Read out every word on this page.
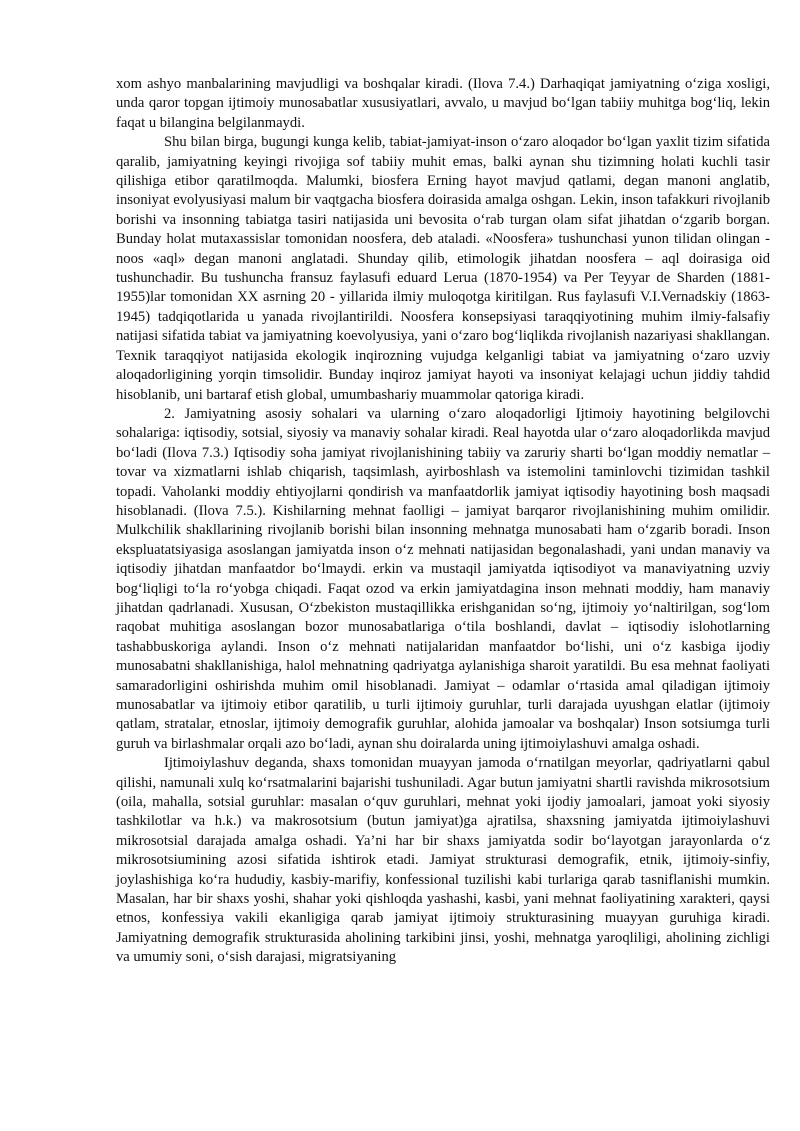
xom ashyo manbalarining mavjudligi va boshqalar kiradi. (Ilova 7.4.) Darhaqiqat jamiyatning o‘ziga xosligi, unda qaror topgan ijtimoiy munosabatlar xususiyatlari, avvalo, u mavjud bo‘lgan tabiiy muhitga bog‘liq, lekin faqat u bilangina belgilanmaydi.

Shu bilan birga, bugungi kunga kelib, tabiat-jamiyat-inson o‘zaro aloqador bo‘lgan yaxlit tizim sifatida qaralib, jamiyatning keyingi rivojiga sof tabiiy muhit emas, balki aynan shu tizimning holati kuchli tasir qilishiga etibor qaratilmoqda. Malumki, biosfera Erning hayot mavjud qatlami, degan manoni anglatib, insoniyat evolyusiyasi malum bir vaqtgacha biosfera doirasida amalga oshgan. Lekin, inson tafakkuri rivojlanib borishi va insonning tabiatga tasiri natijasida uni bevosita o‘rab turgan olam sifat jihatdan o‘zgarib borgan. Bunday holat mutaxassislar tomonidan noosfera, deb ataladi. «Noosfera» tushunchasi yunon tilidan olingan - noos «aql» degan manoni anglatadi. Shunday qilib, etimologik jihatdan noosfera – aql doirasiga oid tushunchadir. Bu tushuncha fransuz faylasufi eduard Lerua (1870-1954) va Per Teyyar de Sharden (1881-1955)lar tomonidan XX asrning 20 - yillarida ilmiy muloqotga kiritilgan. Rus faylasufi V.I.Vernadskiy (1863-1945) tadqiqotlarida u yanada rivojlantirildi. Noosfera konsepsiyasi taraqqiyotining muhim ilmiy-falsafiy natijasi sifatida tabiat va jamiyatning koevolyusiya, yani o‘zaro bog‘liqlikda rivojlanish nazariyasi shakllangan. Texnik taraqqiyot natijasida ekologik inqirozning vujudga kelganligi tabiat va jamiyatning o‘zaro uzviy aloqadorligining yorqin timsolidir. Bunday inqiroz jamiyat hayoti va insoniyat kelajagi uchun jiddiy tahdid hisoblanib, uni bartaraf etish global, umumbashariy muammolar qatoriga kiradi.

2. Jamiyatning asosiy sohalari va ularning o‘zaro aloqadorligi Ijtimoiy hayotining belgilovchi sohalariga: iqtisodiy, sotsial, siyosiy va manaviy sohalar kiradi. Real hayotda ular o‘zaro aloqadorlikda mavjud bo‘ladi (Ilova 7.3.) Iqtisodiy soha jamiyat rivojlanishining tabiiy va zaruriy sharti bo‘lgan moddiy nematlar – tovar va xizmatlarni ishlab chiqarish, taqsimlash, ayirboshlash va istemolini taminlovchi tizimidan tashkil topadi. Vaholanki moddiy ehtiyojlarni qondirish va manfaatdorlik jamiyat iqtisodiy hayotining bosh maqsadi hisoblanadi. (Ilova 7.5.). Kishilarning mehnat faolligi – jamiyat barqaror rivojlanishining muhim omilidir. Mulkchilik shakllarining rivojlanib borishi bilan insonning mehnatga munosabati ham o‘zgarib boradi. Inson ekspluatatsiyasiga asoslangan jamiyatda inson o‘z mehnati natijasidan begonalashadi, yani undan manaviy va iqtisodiy jihatdan manfaatdor bo‘lmaydi. erkin va mustaqil jamiyatda iqtisodiyot va manaviyatning uzviy bog‘liqligi to‘la ro‘yobga chiqadi. Faqat ozod va erkin jamiyatdagina inson mehnati moddiy, ham manaviy jihatdan qadrlanadi. Xususan, O‘zbekiston mustaqillikka erishganidan so‘ng, ijtimoiy yo‘naltirilgan, sog‘lom raqobat muhitiga asoslangan bozor munosabatlariga o‘tila boshlandi, davlat – iqtisodiy islohotlarning tashabbuskoriga aylandi. Inson o‘z mehnati natijalaridan manfaatdor bo‘lishi, uni o‘z kasbiga ijodiy munosabatni shakllanishiga, halol mehnatning qadriyatga aylanishiga sharoit yaratildi. Bu esa mehnat faoliyati samaradorligini oshirishda muhim omil hisoblanadi. Jamiyat – odamlar o‘rtasida amal qiladigan ijtimoiy munosabatlar va ijtimoiy etibor qaratilib, u turli ijtimoiy guruhlar, turli darajada uyushgan elatlar (ijtimoiy qatlam, stratalar, etnoslar, ijtimoiy demografik guruhlar, alohida jamoalar va boshqalar) Inson sotsiumga turli guruh va birlashmalar orqali azo bo‘ladi, aynan shu doiralarda uning ijtimoiylashuvi amalga oshadi.

Ijtimoiylashuv deganda, shaxs tomonidan muayyan jamoda o‘rnatilgan meyorlar, qadriyatlarni qabul qilishi, namunali xulq ko‘rsatmalarini bajarishi tushuniladi. Agar butun jamiyatni shartli ravishda mikrosotsium (oila, mahalla, sotsial guruhlar: masalan o‘quv guruhlari, mehnat yoki ijodiy jamoalari, jamoat yoki siyosiy tashkilotlar va h.k.) va makrosotsium (butun jamiyat)ga ajratilsa, shaxsning jamiyatda ijtimoiylashuvi mikrosotsial darajada amalga oshadi. Ya’ni har bir shaxs jamiyatda sodir bo‘layotgan jarayonlarda o‘z mikrosotsiumining azosi sifatida ishtirok etadi. Jamiyat strukturasi demografik, etnik, ijtimoiy-sinfiy, joylashishiga ko‘ra hududiy, kasbiy-marifiy, konfessional tuzilishi kabi turlariga qarab tasniflanishi mumkin. Masalan, har bir shaxs yoshi, shahar yoki qishloqda yashashi, kasbi, yani mehnat faoliyatining xarakteri, qaysi etnos, konfessiya vakili ekanligiga qarab jamiyat ijtimoiy strukturasining muayyan guruhiga kiradi. Jamiyatning demografik strukturasida aholining tarkibini jinsi, yoshi, mehnatga yaroqliligi, aholining zichligi va umumiy soni, o‘sish darajasi, migratsiyaning
